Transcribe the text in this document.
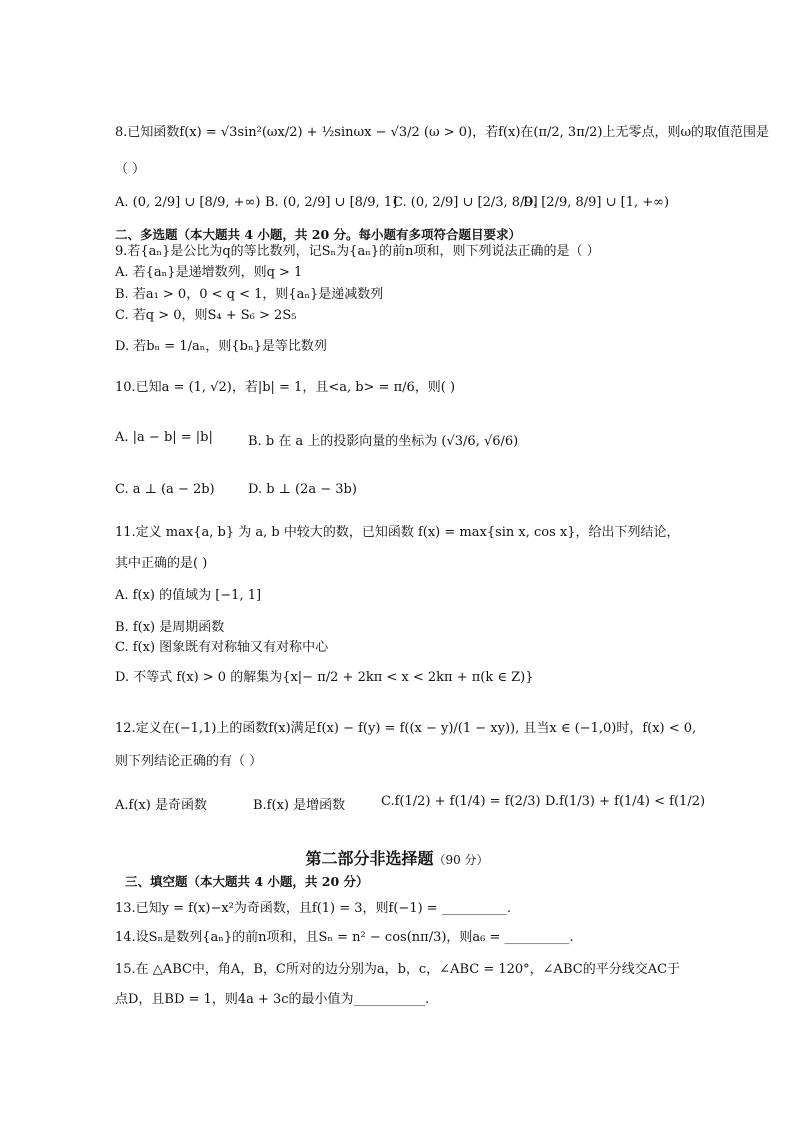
8.已知函数f(x) = √3sin²(ωx/2) + ½sinωx − √3/2 (ω > 0)，若f(x)在(π/2, 3π/2)上无零点，则ω的取值范围是
（ ）
A. (0, 2/9] ∪ [8/9, +∞) B. (0, 2/9] ∪ [8/9, 1]
C. (0, 2/9] ∪ [2/3, 8/9]
D. [2/9, 8/9] ∪ [1, +∞)
二、多选题（本大题共 4 小题，共 20 分。每小题有多项符合题目要求）
9.若{aₙ}是公比为q的等比数列，记Sₙ为{aₙ}的前n项和，则下列说法正确的是（ ）
A. 若{aₙ}是递增数列，则q > 1
B. 若a₁ > 0，0 < q < 1，则{aₙ}是递减数列
C. 若q > 0，则S₄ + S₆ > 2S₅
D. 若bₙ = 1/aₙ，则{bₙ}是等比数列
10.已知a = (1, √2)，若|b| = 1，且<a, b> = π/6，则( )
A. |a − b| = |b|	B. b 在 a 上的投影向量的坐标为 (√3/6, √6/6)
C. a ⊥ (a − 2b)	D. b ⊥ (2a − 3b)
11.定义 max{a, b} 为 a, b 中较大的数，已知函数 f(x) = max{sin x, cos x}，给出下列结论，
其中正确的是( )
A. f(x) 的值域为 [−1, 1]
B. f(x) 是周期函数
C. f(x) 图象既有对称轴又有对称中心
D. 不等式 f(x) > 0 的解集为{x|− π/2 + 2kπ < x < 2kπ + π(k ∈ Z)}
12.定义在(−1,1)上的函数f(x)满足f(x) − f(y) = f((x − y)/(1 − xy)), 且当x ∈ (−1,0)时，f(x) < 0,
则下列结论正确的有（ ）
A.f(x) 是奇函数	B.f(x) 是增函数	C.f(1/2) + f(1/4) = f(2/3) D.f(1/3) + f(1/4) < f(1/2)
第二部分非选择题（90 分）
三、填空题（本大题共 4 小题，共 20 分）
13.已知y = f(x)−x²为奇函数，且f(1) = 3，则f(−1) = __________.
14.设Sₙ是数列{aₙ}的前n项和，且Sₙ = n² − cos(nπ/3)，则a₆ = __________.
15.在 △ABC中，角A，B，C所对的边分别为a，b，c，∠ABC = 120°，∠ABC的平分线交AC于
点D，且BD = 1，则4a + 3c的最小值为___________.
